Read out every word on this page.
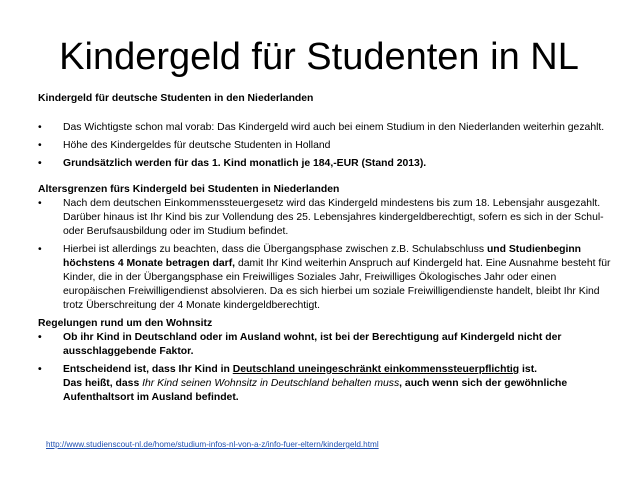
Kindergeld für Studenten in NL
Kindergeld für deutsche Studenten in den Niederlanden
• Das Wichtigste schon mal vorab: Das Kindergeld wird auch bei einem Studium in den Niederlanden weiterhin gezahlt.
• Höhe des Kindergeldes für deutsche Studenten in Holland
• Grundsätzlich werden für das 1. Kind monatlich je 184,-EUR (Stand 2013).
Altersgrenzen fürs Kindergeld bei Studenten in Niederlanden
• Nach dem deutschen Einkommenssteuergesetz wird das Kindergeld mindestens bis zum 18. Lebensjahr ausgezahlt. Darüber hinaus ist Ihr Kind bis zur Vollendung des 25. Lebensjahres kindergeldberechtigt, sofern es sich in der Schul- oder Berufsausbildung oder im Studium befindet.
• Hierbei ist allerdings zu beachten, dass die Übergangsphase zwischen z.B. Schulabschluss und Studienbeginn höchstens 4 Monate betragen darf, damit Ihr Kind weiterhin Anspruch auf Kindergeld hat. Eine Ausnahme besteht für Kinder, die in der Übergangsphase ein Freiwilliges Soziales Jahr, Freiwilliges Ökologisches Jahr oder einen europäischen Freiwilligendienst absolvieren. Da es sich hierbei um soziale Freiwilligendienste handelt, bleibt Ihr Kind trotz Überschreitung der 4 Monate kindergeldberechtigt.
Regelungen rund um den Wohnsitz
• Ob ihr Kind in Deutschland oder im Ausland wohnt, ist bei der Berechtigung auf Kindergeld nicht der ausschlaggebende Faktor.
• Entscheidend ist, dass Ihr Kind in Deutschland uneingeschränkt einkommenssteuerpflichtig ist.
Das heißt, dass Ihr Kind seinen Wohnsitz in Deutschland behalten muss, auch wenn sich der gewöhnliche Aufenthaltsort im Ausland befindet.
http://www.studienscout-nl.de/home/studium-infos-nl-von-a-z/info-fuer-eltern/kindergeld.html
